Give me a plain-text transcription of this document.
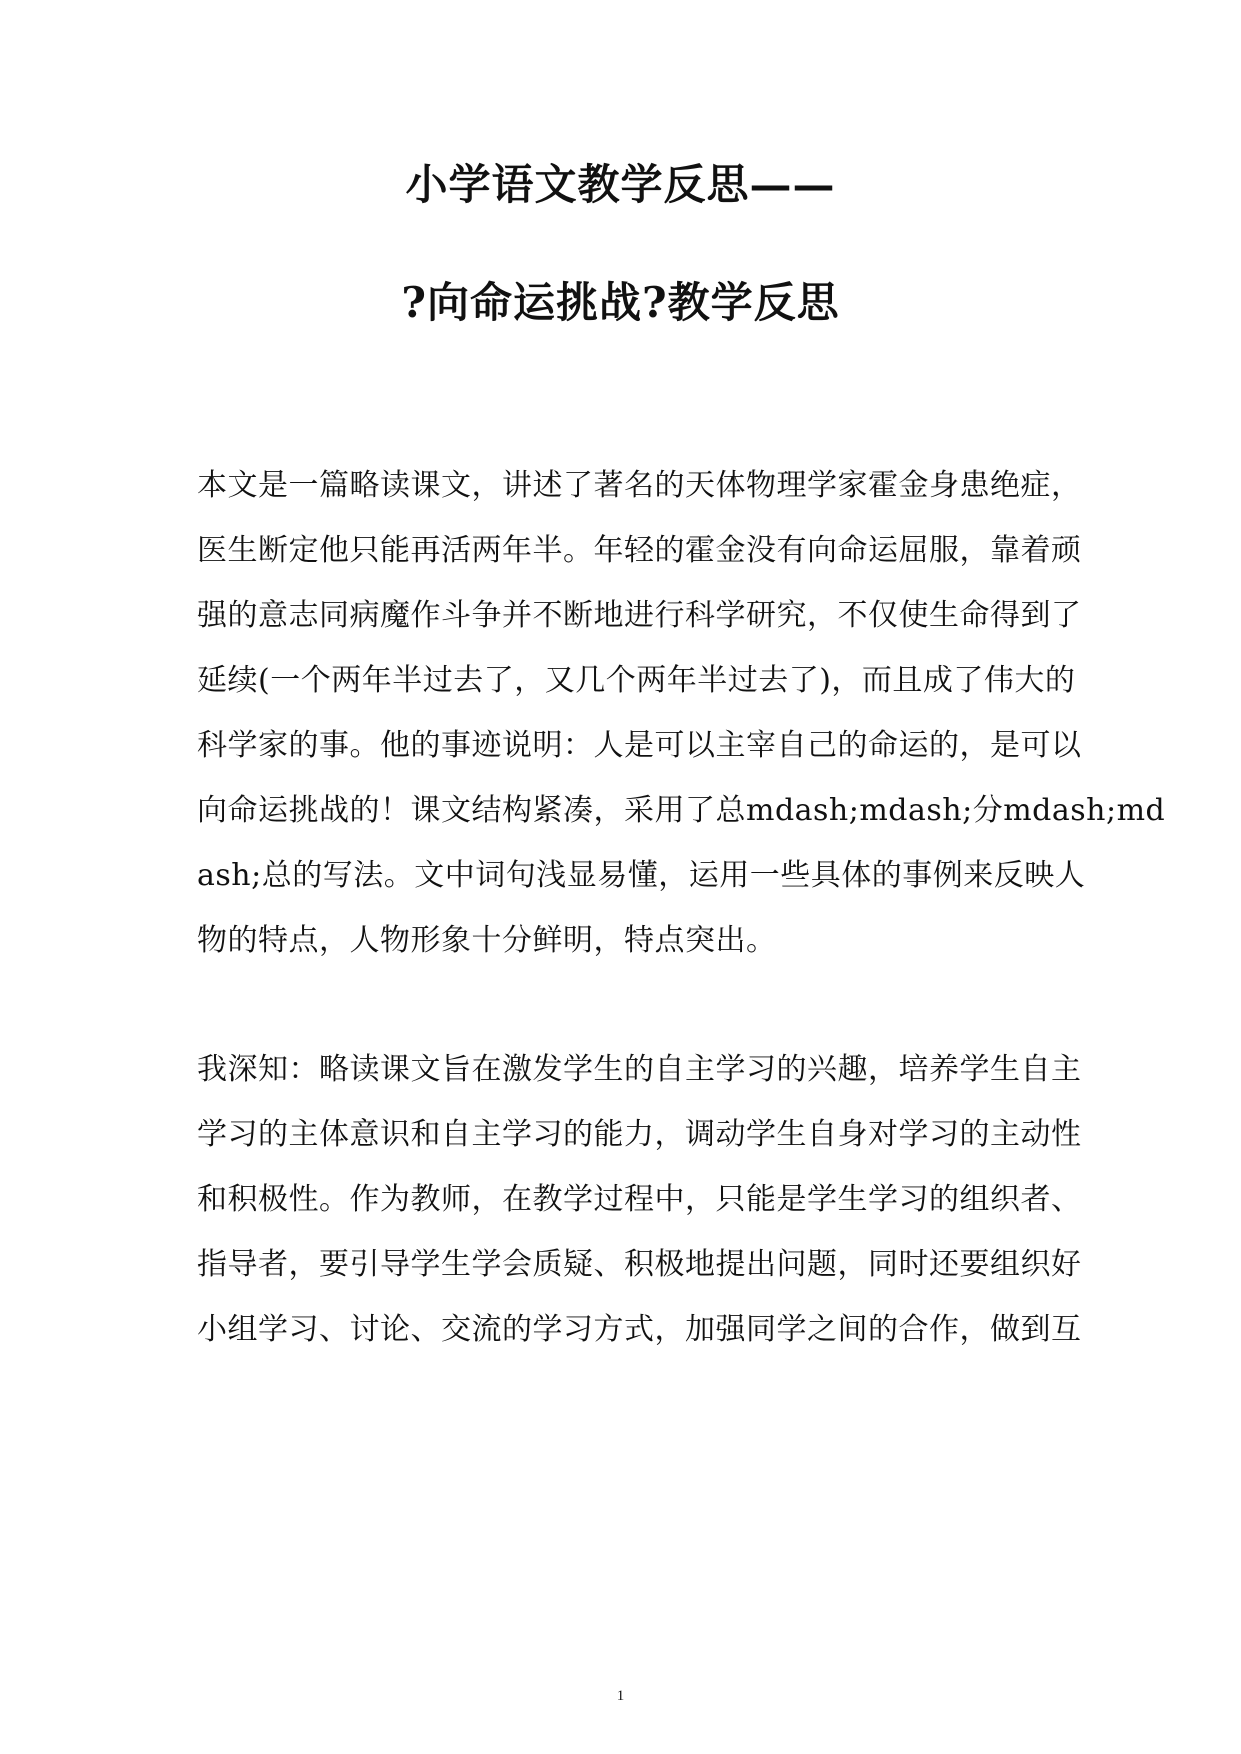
小学语文教学反思——
?向命运挑战?教学反思
本文是一篇略读课文，讲述了著名的天体物理学家霍金身患绝症，
医生断定他只能再活两年半。年轻的霍金没有向命运屈服，靠着顽
强的意志同病魔作斗争并不断地进行科学研究，不仅使生命得到了
延续(一个两年半过去了，又几个两年半过去了)，而且成了伟大的
科学家的事。他的事迹说明：人是可以主宰自己的命运的，是可以
向命运挑战的！课文结构紧凑，采用了总mdash;mdash;分mdash;md
ash;总的写法。文中词句浅显易懂，运用一些具体的事例来反映人
物的特点，人物形象十分鲜明，特点突出。
我深知：略读课文旨在激发学生的自主学习的兴趣，培养学生自主
学习的主体意识和自主学习的能力，调动学生自身对学习的主动性
和积极性。作为教师，在教学过程中，只能是学生学习的组织者、
指导者，要引导学生学会质疑、积极地提出问题，同时还要组织好
小组学习、讨论、交流的学习方式，加强同学之间的合作，做到互
1
